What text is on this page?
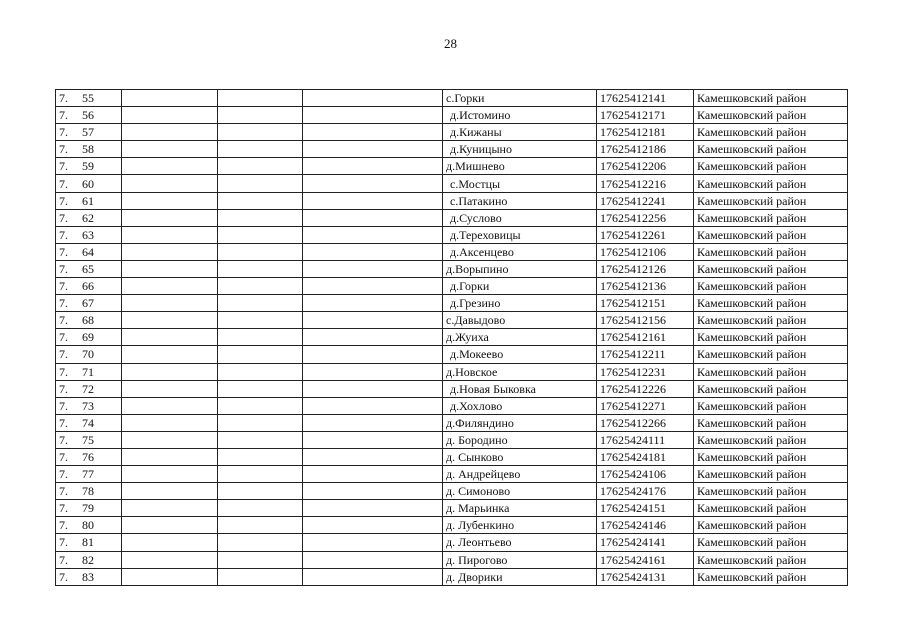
28
7. 55				с.Горки	17625412141	Камешковский район
7. 56				д.Истомино	17625412171	Камешковский район
7. 57				д.Кижаны	17625412181	Камешковский район
7. 58				д.Куницыно	17625412186	Камешковский район
7. 59				д.Мишнево	17625412206	Камешковский район
7. 60				с.Мостцы	17625412216	Камешковский район
7. 61				с.Патакино	17625412241	Камешковский район
7. 62				д.Суслово	17625412256	Камешковский район
7. 63				д.Тереховицы	17625412261	Камешковский район
7. 64				д.Аксенцево	17625412106	Камешковский район
7. 65				д.Ворыпино	17625412126	Камешковский район
7. 66				д.Горки	17625412136	Камешковский район
7. 67				д.Грезино	17625412151	Камешковский район
7. 68				с.Давыдово	17625412156	Камешковский район
7. 69				д.Жуиха	17625412161	Камешковский район
7. 70				д.Мокеево	17625412211	Камешковский район
7. 71				д.Новское	17625412231	Камешковский район
7. 72				д.Новая Быковка	17625412226	Камешковский район
7. 73				д.Хохлово	17625412271	Камешковский район
7. 74				д.Филяндино	17625412266	Камешковский район
7. 75				д. Бородино	17625424111	Камешковский район
7. 76				д. Сынково	17625424181	Камешковский район
7. 77				д. Андрейцево	17625424106	Камешковский район
7. 78				д. Симоново	17625424176	Камешковский район
7. 79				д. Марьинка	17625424151	Камешковский район
7. 80				д. Лубенкино	17625424146	Камешковский район
7. 81				д. Леонтьево	17625424141	Камешковский район
7. 82				д. Пирогово	17625424161	Камешковский район
7. 83				д. Дворики	17625424131	Камешковский район
